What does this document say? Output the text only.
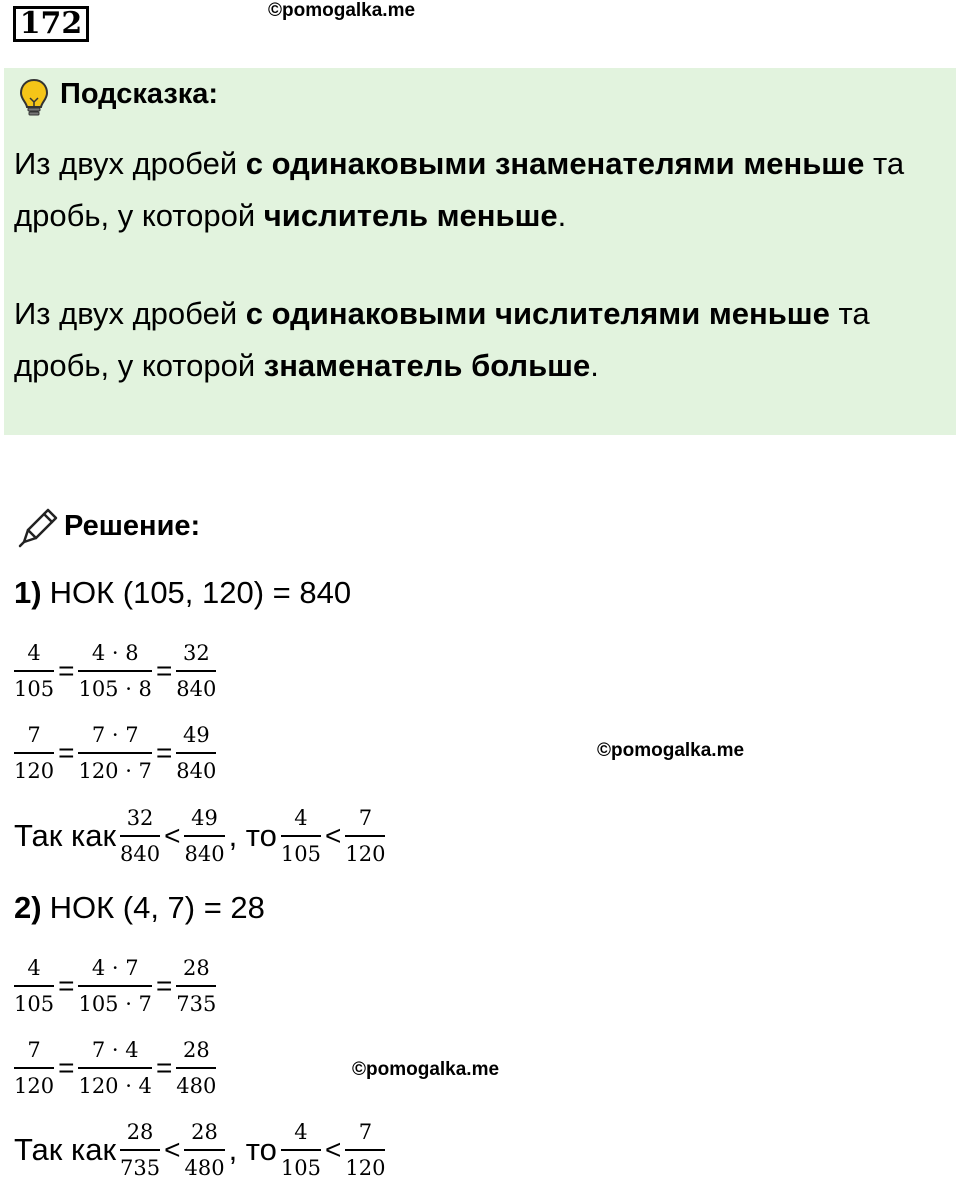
172	©pomogalka.me
Подсказка:
Из двух дробей с одинаковыми знаменателями меньше та дробь, у которой числитель меньше.
Из двух дробей с одинаковыми числителями меньше та дробь, у которой знаменатель больше.
Решение:
1) НОК (105, 120) = 840
$\frac{4}{105} = \frac{4 \cdot 8}{105 \cdot 8} = \frac{32}{840}$
$\frac{7}{120} = \frac{7 \cdot 7}{120 \cdot 7} = \frac{49}{840}$	©pomogalka.me
Так как $\frac{32}{840} < \frac{49}{840}$ , то $\frac{4}{105} < \frac{7}{120}$
2) НОК (4, 7) = 28
$\frac{4}{105} = \frac{4 \cdot 7}{105 \cdot 7} = \frac{28}{735}$
$\frac{7}{120} = \frac{7 \cdot 4}{120 \cdot 4} = \frac{28}{480}$	©pomogalka.me
Так как $\frac{28}{735} < \frac{28}{480}$ , то $\frac{4}{105} < \frac{7}{120}$
